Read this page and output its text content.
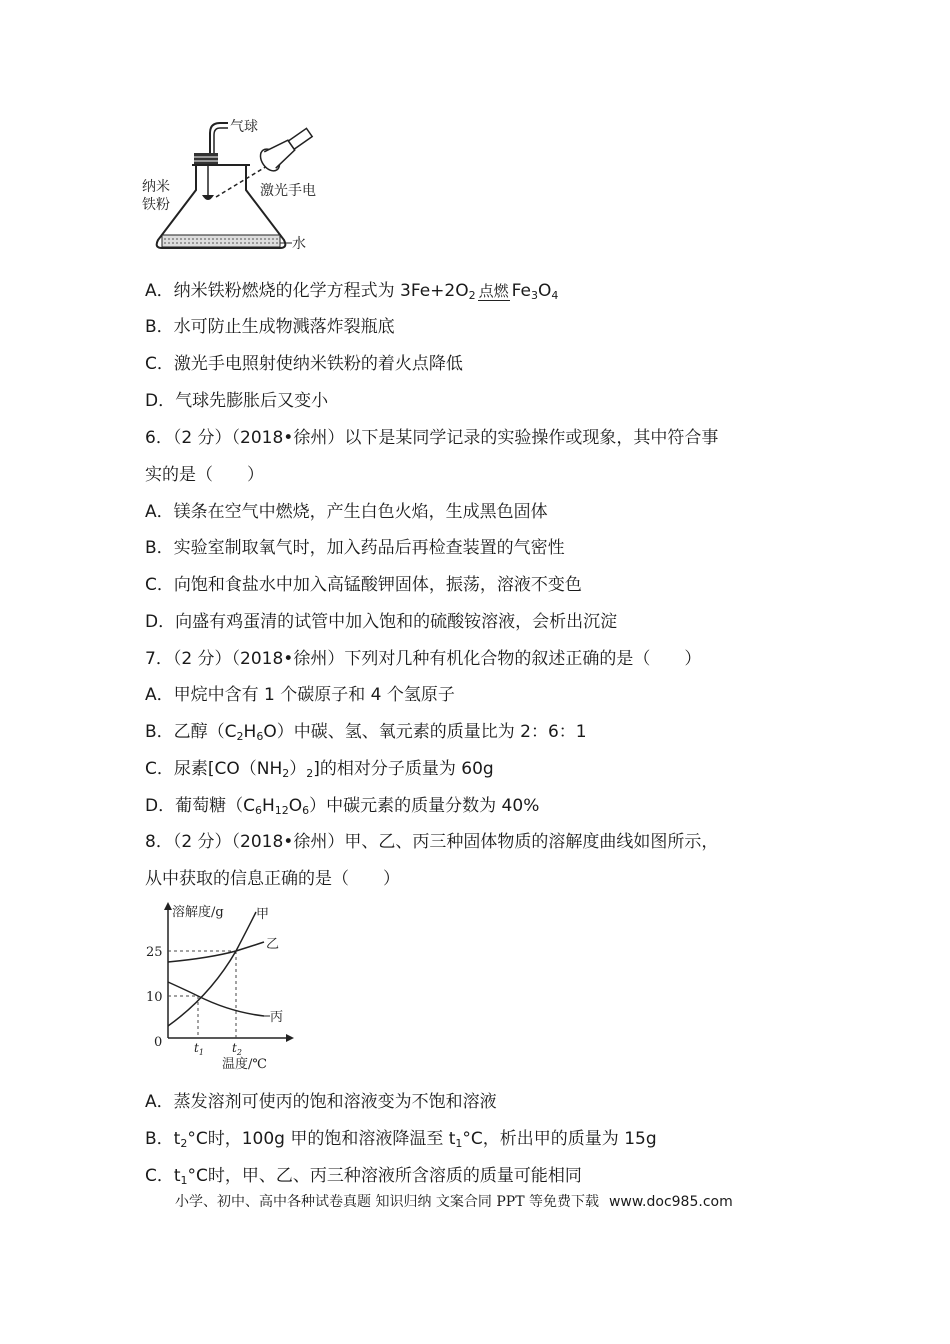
气球
纳米
铁粉
激光手电
水
A．纳米铁粉燃烧的化学方程式为 $3Fe+2O_2$ 点燃 $Fe_3O_4$
B．水可防止生成物溅落炸裂瓶底
C．激光手电照射使纳米铁粉的着火点降低
D．气球先膨胀后又变小
6．（2 分）（2018•徐州）以下是某同学记录的实验操作或现象，其中符合事
实的是（　　）
A．镁条在空气中燃烧，产生白色火焰，生成黑色固体
B．实验室制取氧气时，加入药品后再检查装置的气密性
C．向饱和食盐水中加入高锰酸钾固体，振荡，溶液不变色
D．向盛有鸡蛋清的试管中加入饱和的硫酸铵溶液，会析出沉淀
7．（2 分）（2018•徐州）下列对几种有机化合物的叙述正确的是（　　）
A．甲烷中含有 1 个碳原子和 4 个氢原子
B．乙醇$(C_2H_6O)$中碳、氢、氧元素的质量比为 2：6：1
C．尿素$[CO(NH_2)_2]$的相对分子质量为 60g
D．葡萄糖$(C_6H_{12}O_6)$中碳元素的质量分数为 40%
8．（2 分）（2018•徐州）甲、乙、丙三种固体物质的溶解度曲线如图所示，
从中获取的信息正确的是（　　）
25
10
0
溶解度/g
温度/℃
$t_1$ $t_2$
甲
乙
丙
A．蒸发溶剂可使丙的饱和溶液变为不饱和溶液
B．$t_2^\circ C$时，100g 甲的饱和溶液降温至 $t_1^\circ C$，析出甲的质量为 15g
C．$t_1^\circ C$时，甲、乙、丙三种溶液所含溶质的质量可能相同
小学、初中、高中各种试卷真题 知识归纳 文案合同 PPT 等免费下载 www.doc985.com
